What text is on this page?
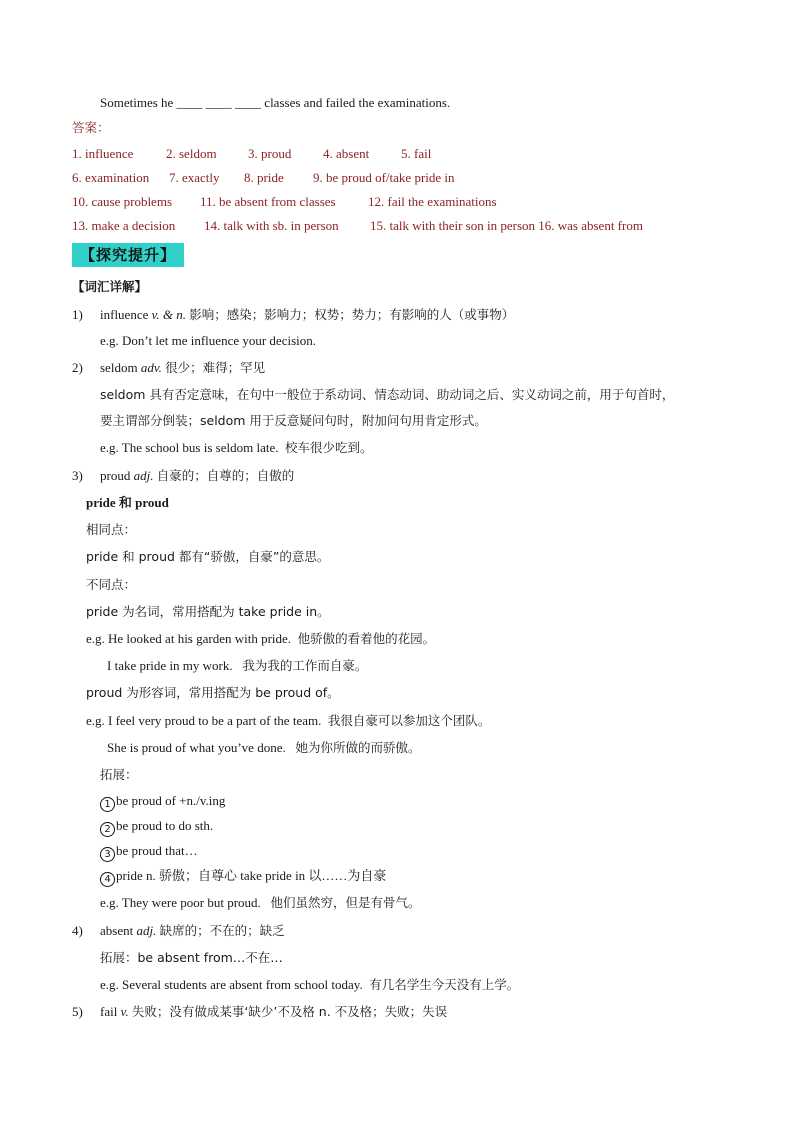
Sometimes he ____ ____ ____ classes and failed the examinations.
答案：
1. influence	2. seldom 3. proud 4. absent 5. fail
6. examination 7. exactly 8. pride 9. be proud of/take pride in
10. cause problems 11. be absent from classes 12. fail the examinations
13. make a decision 14. talk with sb. in person 15. talk with their son in person 16. was absent from
【探究提升】
【词汇详解】
1) influence v. & n. 影响；感染；影响力；权势；势力；有影响的人（或事物）
e.g. Don’t let me influence your decision.
2) seldom adv. 很少；难得；罕见
seldom 具有否定意味，在句中一般位于系动词、情态动词、助动词之后、实义动词之前，用于句首时，
要主谓部分倒装；seldom 用于反意疑问句时，附加问句用肯定形式。
e.g. The school bus is seldom late. 校车很少吃到。
3) proud adj. 自豪的；自尊的；自傲的
pride 和 proud
相同点：
pride 和 proud 都有“骄傲，自豪”的意思。
不同点：
pride 为名词，常用搭配为 take pride in。
e.g. He looked at his garden with pride. 他骄傲的看着他的花园。
I take pride in my work. 我为我的工作而自豪。
proud 为形容词，常用搭配为 be proud of。
e.g. I feel very proud to be a part of the team. 我很自豪可以参加这个团队。
She is proud of what you’ve done. 她为你所做的而骄傲。
拓展：
1 be proud of +n./v.ing
2 be proud to do sth.
3 be proud that…
4 pride n. 骄傲；自尊心 take pride in 以……为自豪
e.g. They were poor but proud. 他们虽然穷，但是有骨气。
4) absent adj. 缺席的；不在的；缺乏
拓展：be absent from…不在…
e.g. Several students are absent from school today. 有几名学生今天没有上学。
5) fail v. 失败；没有做成某事‘缺少’不及格 n. 不及格；失败；失误
